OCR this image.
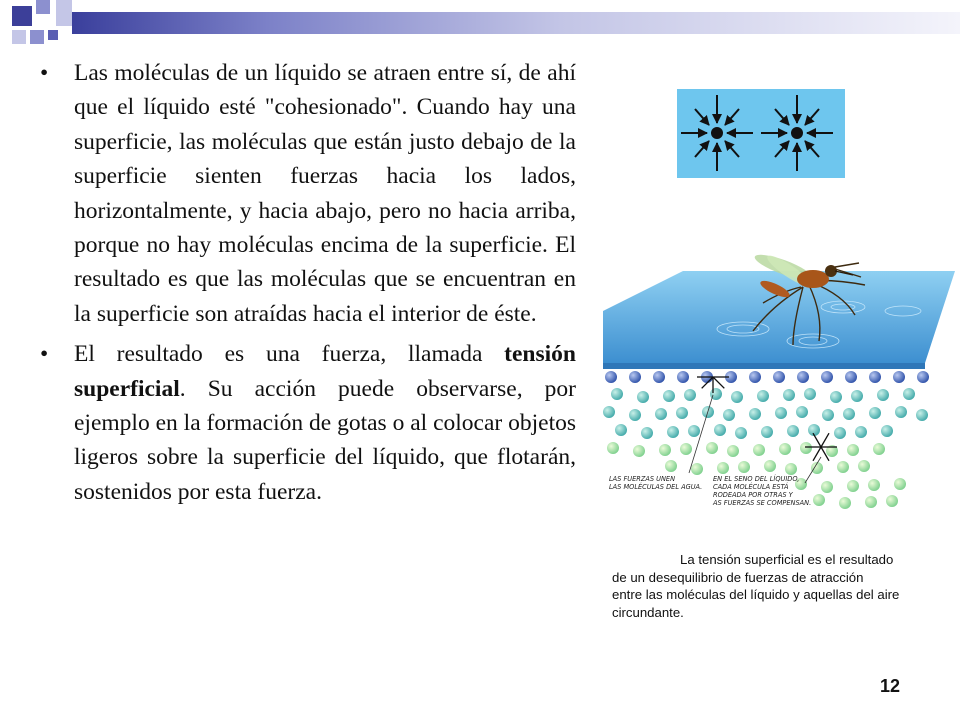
• Las moléculas de un líquido se atraen entre sí, de ahí que el líquido esté "cohesionado". Cuando hay una superficie, las moléculas que están justo debajo de la superficie sienten fuerzas hacia los lados, horizontalmente, y hacia abajo, pero no hacia arriba, porque no hay moléculas encima de la superficie. El resultado es que las moléculas que se encuentran en la superficie son atraídas hacia el interior de éste.
• El resultado es una fuerza, llamada tensión superficial. Su acción puede observarse, por ejemplo en la formación de gotas o al colocar objetos ligeros sobre la superficie del líquido, que flotarán, sostenidos por esta fuerza.	LAS FUERZAS UNEN
LAS MOLÉCULAS DEL AGUA.
EN EL SENO DEL LÍQUIDO,
CADA MOLÉCULA ESTÁ
RODEADA POR OTRAS Y
AS FUERZAS SE COMPENSAN.
La tensión superficial es el resultado
de un desequilibrio de fuerzas de atracción
entre las moléculas del líquido y aquellas del aire
circundante.
12
